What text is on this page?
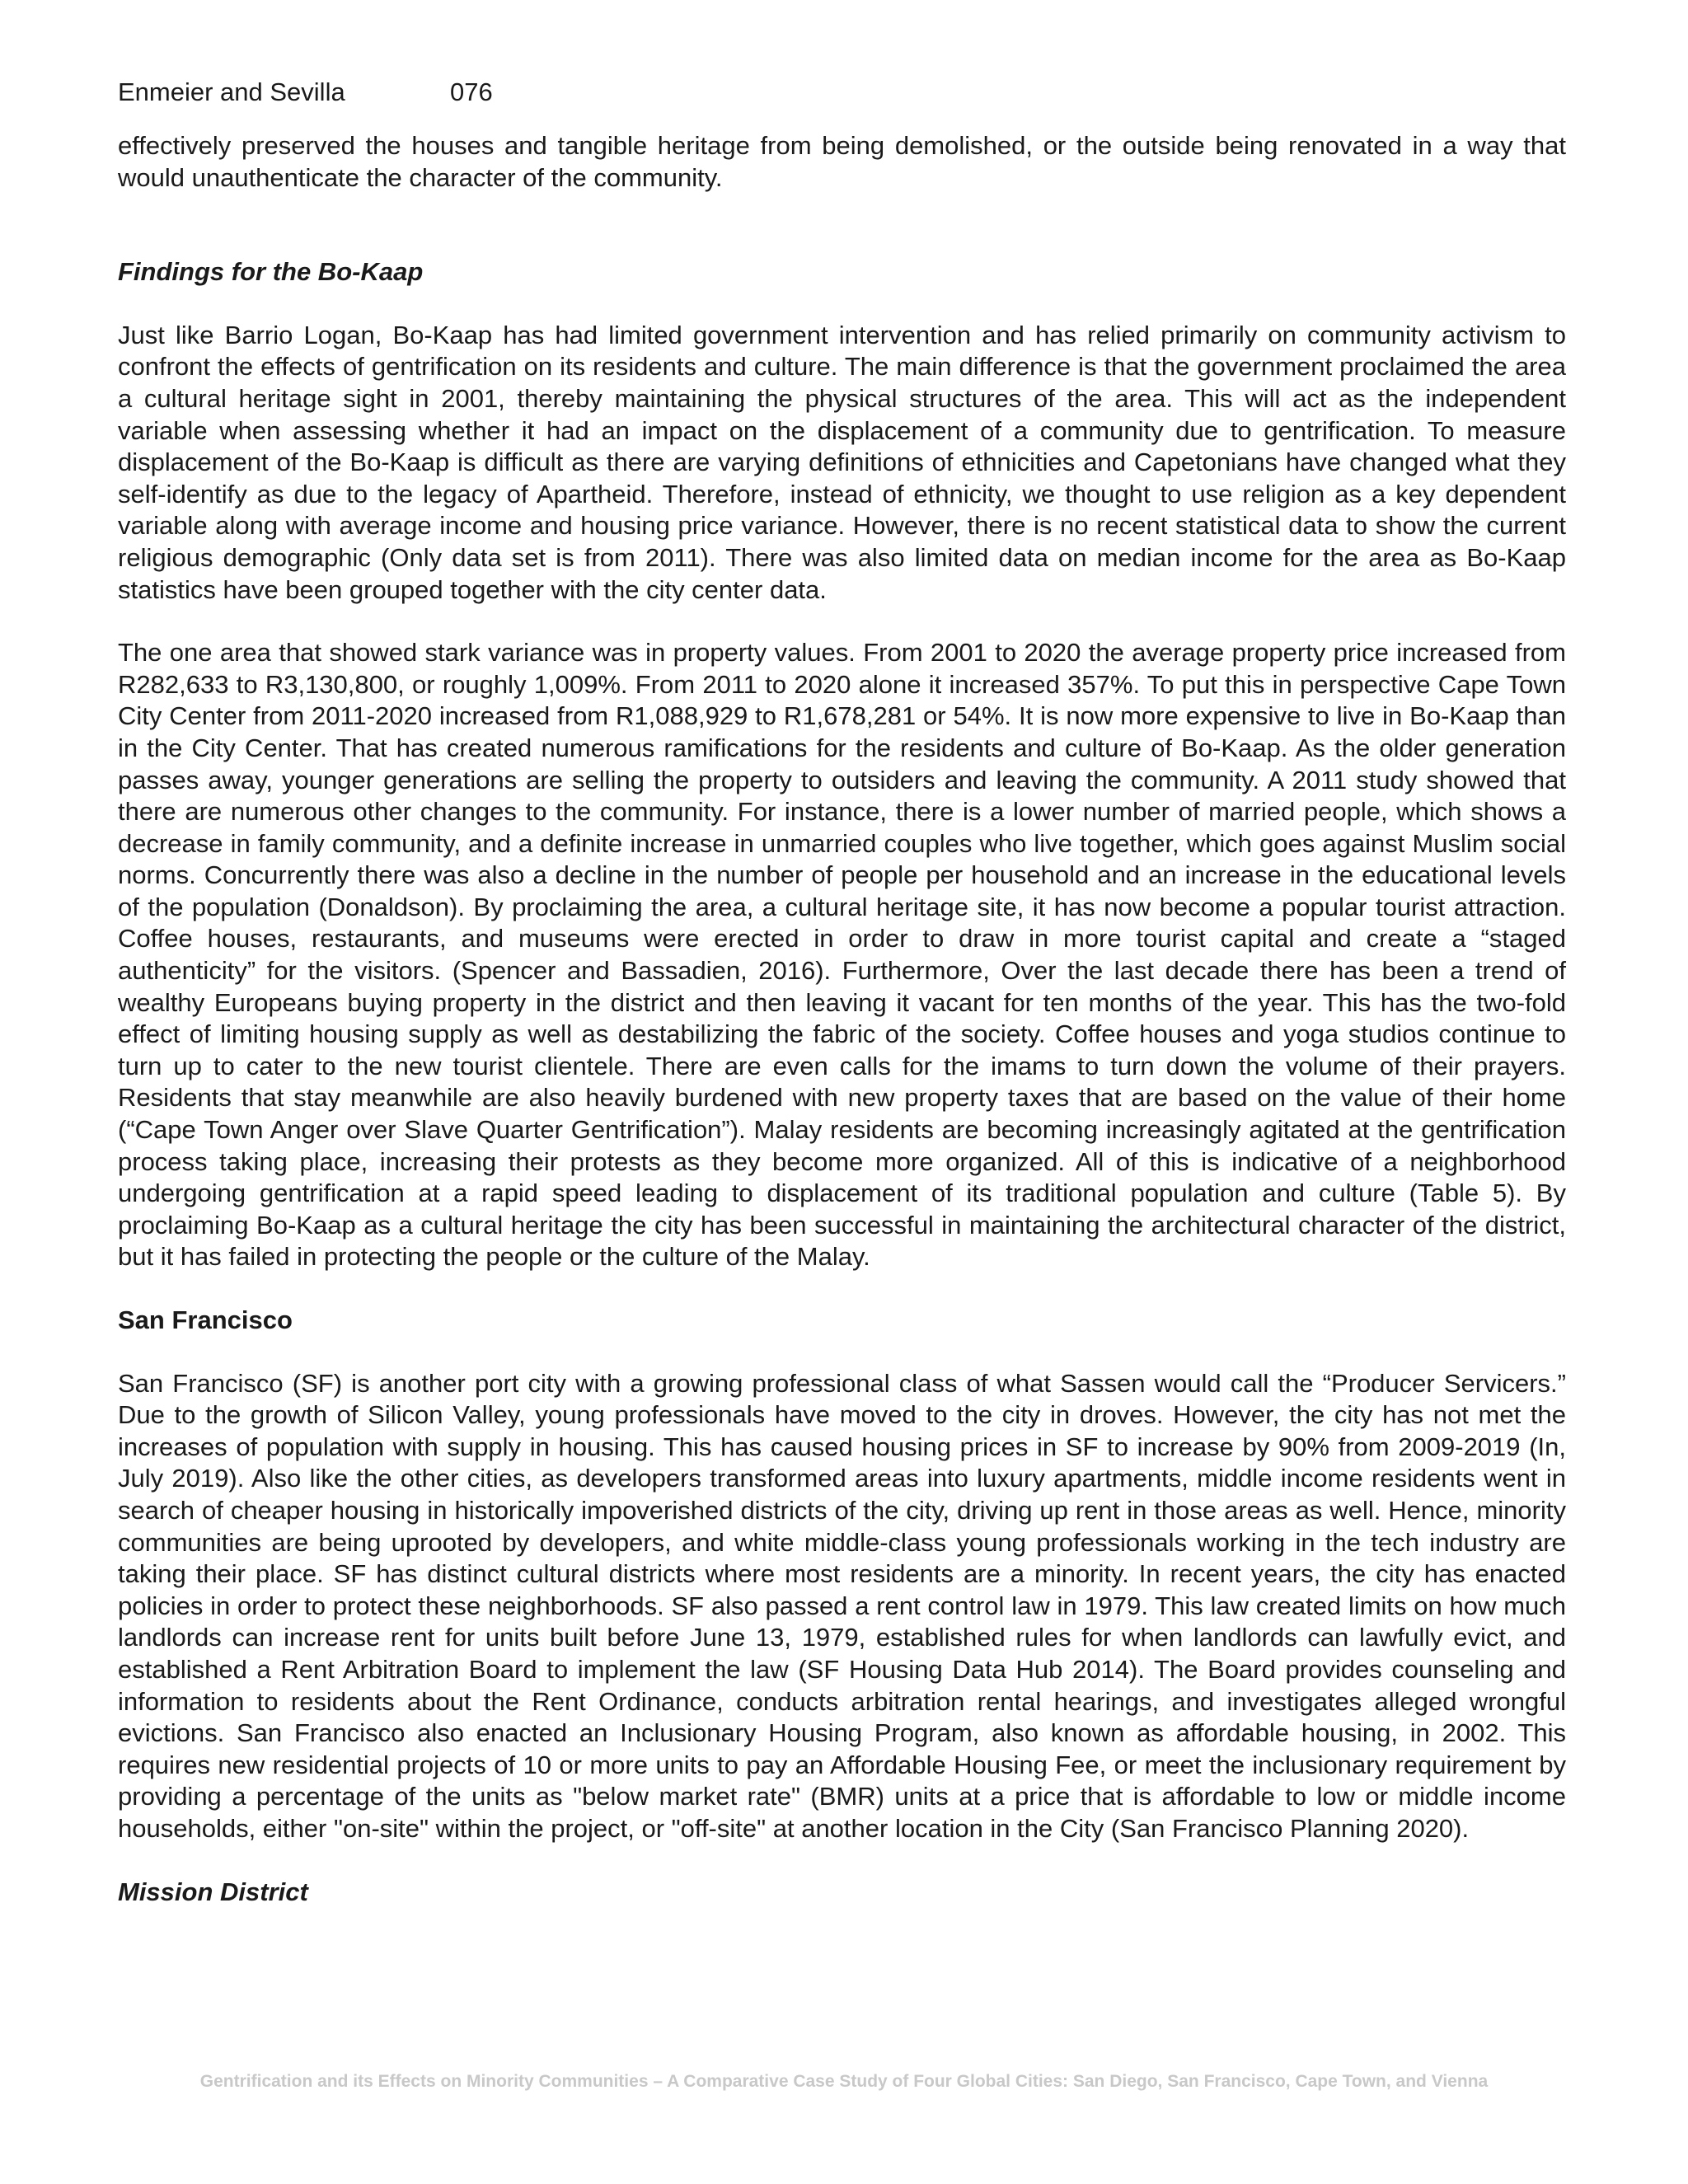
Enmeier and Sevilla	076

effectively preserved the houses and tangible heritage from being demolished, or the outside being renovated in a way that would unauthenticate the character of the community.

Findings for the Bo-Kaap

Just like Barrio Logan, Bo-Kaap has had limited government intervention and has relied primarily on community activism to confront the effects of gentrification on its residents and culture. The main difference is that the government proclaimed the area a cultural heritage sight in 2001, thereby maintaining the physical structures of the area. This will act as the independent variable when assessing whether it had an impact on the displacement of a community due to gentrification. To measure displacement of the Bo-Kaap is difficult as there are varying definitions of ethnicities and Capetonians have changed what they self-identify as due to the legacy of Apartheid. Therefore, instead of ethnicity, we thought to use religion as a key dependent variable along with average income and housing price variance. However, there is no recent statistical data to show the current religious demographic (Only data set is from 2011). There was also limited data on median income for the area as Bo-Kaap statistics have been grouped together with the city center data.

The one area that showed stark variance was in property values. From 2001 to 2020 the average property price increased from R282,633 to R3,130,800, or roughly 1,009%. From 2011 to 2020 alone it increased 357%. To put this in perspective Cape Town City Center from 2011-2020 increased from R1,088,929 to R1,678,281 or 54%. It is now more expensive to live in Bo-Kaap than in the City Center. That has created numerous ramifications for the residents and culture of Bo-Kaap. As the older generation passes away, younger generations are selling the property to outsiders and leaving the community. A 2011 study showed that there are numerous other changes to the community. For instance, there is a lower number of married people, which shows a decrease in family community, and a definite increase in unmarried couples who live together, which goes against Muslim social norms. Concurrently there was also a decline in the number of people per household and an increase in the educational levels of the population (Donaldson). By proclaiming the area, a cultural heritage site, it has now become a popular tourist attraction. Coffee houses, restaurants, and museums were erected in order to draw in more tourist capital and create a “staged authenticity” for the visitors. (Spencer and Bassadien, 2016). Furthermore, Over the last decade there has been a trend of wealthy Europeans buying property in the district and then leaving it vacant for ten months of the year. This has the two-fold effect of limiting housing supply as well as destabilizing the fabric of the society. Coffee houses and yoga studios continue to turn up to cater to the new tourist clientele. There are even calls for the imams to turn down the volume of their prayers. Residents that stay meanwhile are also heavily burdened with new property taxes that are based on the value of their home (“Cape Town Anger over Slave Quarter Gentrification”). Malay residents are becoming increasingly agitated at the gentrification process taking place, increasing their protests as they become more organized. All of this is indicative of a neighborhood undergoing gentrification at a rapid speed leading to displacement of its traditional population and culture (Table 5). By proclaiming Bo-Kaap as a cultural heritage the city has been successful in maintaining the architectural character of the district, but it has failed in protecting the people or the culture of the Malay.

San Francisco

San Francisco (SF) is another port city with a growing professional class of what Sassen would call the “Producer Servicers.” Due to the growth of Silicon Valley, young professionals have moved to the city in droves. However, the city has not met the increases of population with supply in housing. This has caused housing prices in SF to increase by 90% from 2009-2019 (In, July 2019). Also like the other cities, as developers transformed areas into luxury apartments, middle income residents went in search of cheaper housing in historically impoverished districts of the city, driving up rent in those areas as well. Hence, minority communities are being uprooted by developers, and white middle-class young professionals working in the tech industry are taking their place. SF has distinct cultural districts where most residents are a minority. In recent years, the city has enacted policies in order to protect these neighborhoods. SF also passed a rent control law in 1979. This law created limits on how much landlords can increase rent for units built before June 13, 1979, established rules for when landlords can lawfully evict, and established a Rent Arbitration Board to implement the law (SF Housing Data Hub 2014). The Board provides counseling and information to residents about the Rent Ordinance, conducts arbitration rental hearings, and investigates alleged wrongful evictions. San Francisco also enacted an Inclusionary Housing Program, also known as affordable housing, in 2002. This requires new residential projects of 10 or more units to pay an Affordable Housing Fee, or meet the inclusionary requirement by providing a percentage of the units as "below market rate" (BMR) units at a price that is affordable to low or middle income households, either "on-site" within the project, or "off-site" at another location in the City (San Francisco Planning 2020).

Mission District
Gentrification and its Effects on Minority Communities – A Comparative Case Study of Four Global Cities: San Diego, San Francisco, Cape Town, and Vienna
